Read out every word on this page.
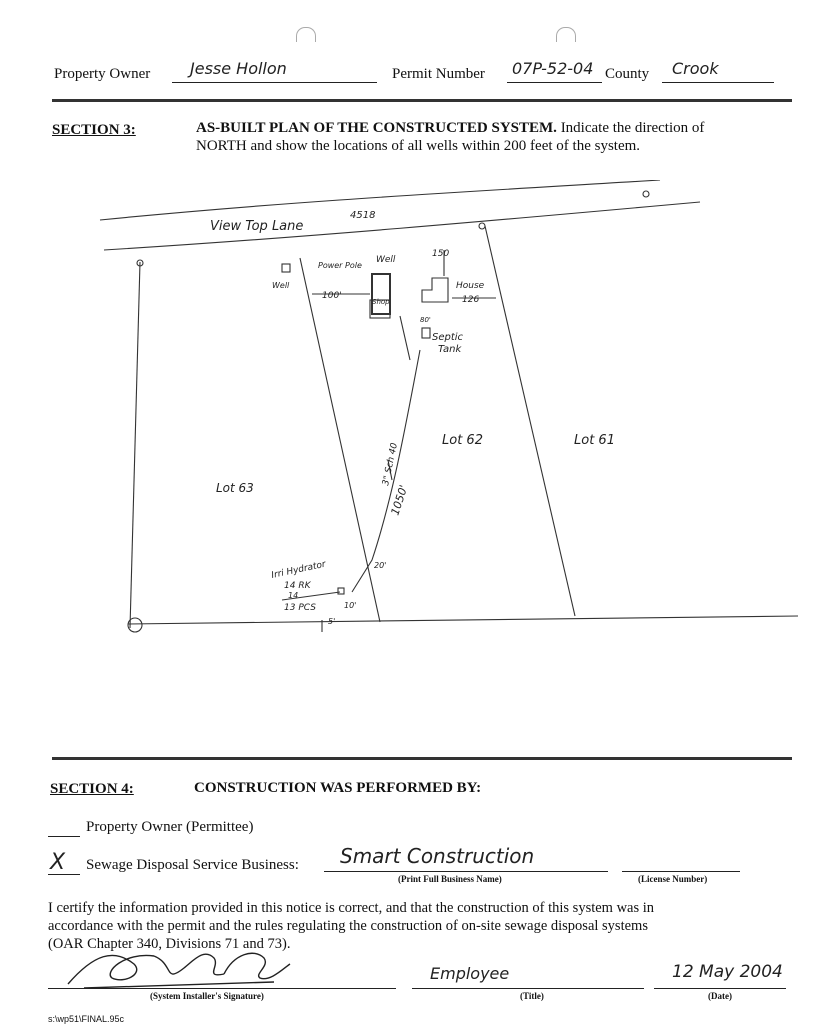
Property Owner Jesse Hollon	Permit Number 07P-52-04 County Crook
SECTION 3:	AS-BUILT PLAN OF THE CONSTRUCTED SYSTEM. Indicate the direction of
NORTH and show the locations of all wells within 200 feet of the system.
View Top Lane
4518
Power Pole
Well
Well
100'
Shop
150
House
126
80'
Septic
Tank
Lot 62	Lot 61
Lot 63	1050'
3" Sch 40
Irri Hydrator
14 RK
14
20'
13 PCS	10'
5'
SECTION 4:	CONSTRUCTION WAS PERFORMED BY:
Property Owner (Permittee)
X Sewage Disposal Service Business: Smart Construction
(Print Full Business Name)	(License Number)
I certify the information provided in this notice is correct, and that the construction of this system was in
accordance with the permit and the rules regulating the construction of on-site sewage disposal systems
(OAR Chapter 340, Divisions 71 and 73).
(System Installer's Signature)
Employee
(Title)
12 May 2004
(Date)
s:\wp51\FINAL.95c
